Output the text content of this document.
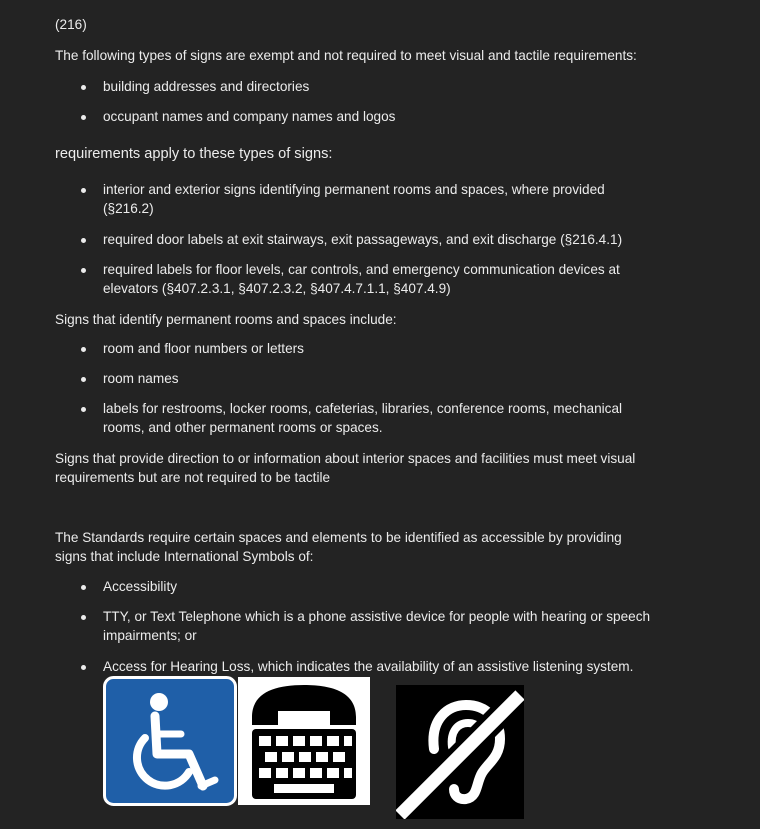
(216)

The following types of signs are exempt and not required to meet visual and tactile requirements:

building addresses and directories
occupant names and company names and logos

requirements apply to these types of signs:

interior and exterior signs identifying permanent rooms and spaces, where provided
(§216.2)
required door labels at exit stairways, exit passageways, and exit discharge (§216.4.1)
required labels for floor levels, car controls, and emergency communication devices at
elevators (§407.2.3.1, §407.2.3.2, §407.4.7.1.1, §407.4.9)

Signs that identify permanent rooms and spaces include:

room and floor numbers or letters
room names
labels for restrooms, locker rooms, cafeterias, libraries, conference rooms, mechanical
rooms, and other permanent rooms or spaces.
Signs that provide direction to or information about interior spaces and facilities must meet visual
requirements but are not required to be tactile
The Standards require certain spaces and elements to be identified as accessible by providing
signs that include International Symbols of:
Accessibility
TTY, or Text Telephone which is a phone assistive device for people with hearing or speech
impairments; or
Access for Hearing Loss, which indicates the availability of an assistive listening system.
